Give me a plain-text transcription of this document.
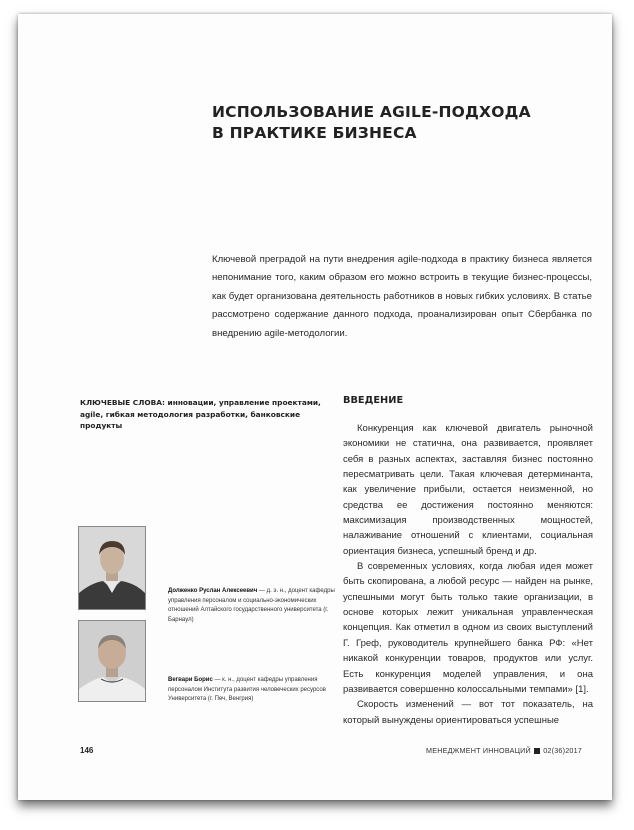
ИСПОЛЬЗОВАНИЕ AGILE-ПОДХОДА
В ПРАКТИКЕ БИЗНЕСА
Ключевой преградой на пути внедрения agile-подхода в практику бизнеса является непонимание того, каким образом его можно встроить в текущие бизнес-процессы, как будет организована деятельность работников в новых гибких условиях. В статье рассмотрено содержание данного подхода, проанализирован опыт Сбербанка по внедрению agile-методологии.
КЛЮЧЕВЫЕ СЛОВА: инновации, управление проектами, agile, гибкая методология разработки, банковские продукты
ВВЕДЕНИЕ

Конкуренция как ключевой двигатель рыночной экономики не статична, она развивается, проявляет себя в разных аспектах, заставляя бизнес постоянно пересматривать цели. Такая ключевая детерминанта, как увеличение прибыли, остается неизменной, но средства ее достижения постоянно меняются: максимизация производственных мощностей, налаживание отношений с клиентами, социальная ориентация бизнеса, успешный бренд и др.

В современных условиях, когда любая идея может быть скопирована, а любой ресурс — найден на рынке, успешными могут быть только такие организации, в основе которых лежит уникальная управленческая концепция. Как отметил в одном из своих выступлений Г. Греф, руководитель крупнейшего банка РФ: «Нет никакой конкуренции товаров, продуктов или услуг. Есть конкуренция моделей управления, и она развивается совершенно колоссальными темпами» [1].

Скорость изменений — вот тот показатель, на который вынуждены ориентироваться успешные

Долженко Руслан Алексеевич — д. э. н., доцент кафедры управления персоналом и социально-экономических отношений Алтайского государственного университета (г. Барнаул)
Вегвари Борис — к. н., доцент кафедры управления персоналом Института развития человеческих ресурсов Университета (г. Печ, Венгрия)
146	МЕНЕДЖМЕНТ ИННОВАЦИЙ 02(36)2017
